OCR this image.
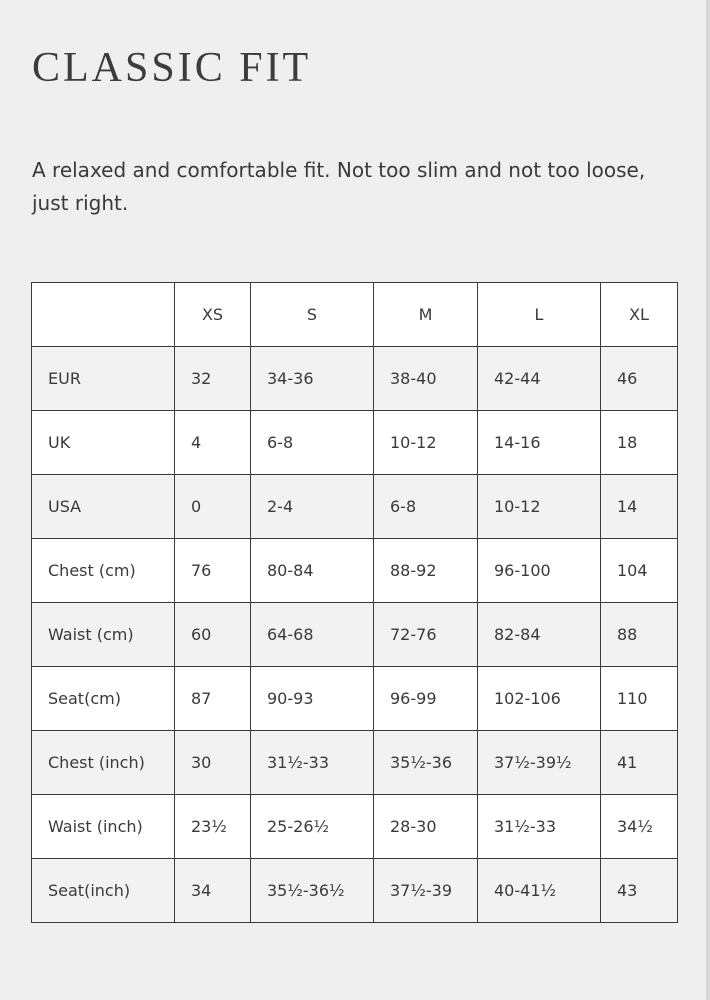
CLASSIC FIT

A relaxed and comfortable fit. Not too slim and not too loose, just right.

	XS	S	M	L	XL
EUR	32	34-36	38-40	42-44	46
UK	4	6-8	10-12	14-16	18
USA	0	2-4	6-8	10-12	14
Chest (cm)	76	80-84	88-92	96-100	104
Waist (cm)	60	64-68	72-76	82-84	88
Seat(cm)	87	90-93	96-99	102-106	110
Chest (inch)	30	31½-33	35½-36	37½-39½	41
Waist (inch)	23½	25-26½	28-30	31½-33	34½
Seat(inch)	34	35½-36½	37½-39	40-41½	43
